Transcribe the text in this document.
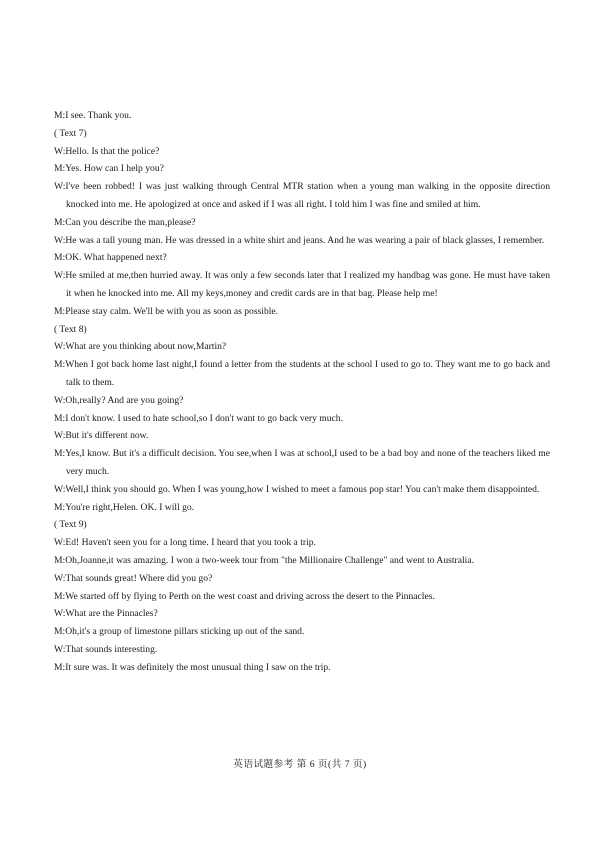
M:I see. Thank you.
( Text 7)
W:Hello. Is that the police?
M:Yes. How can I help you?
W:I've been robbed! I was just walking through Central MTR station when a young man walking in the opposite direction knocked into me. He apologized at once and asked if I was all right. I told him I was fine and smiled at him.
M:Can you describe the man,please?
W:He was a tall young man. He was dressed in a white shirt and jeans. And he was wearing a pair of black glasses, I remember.
M:OK. What happened next?
W:He smiled at me,then hurried away. It was only a few seconds later that I realized my handbag was gone. He must have taken it when he knocked into me. All my keys,money and credit cards are in that bag. Please help me!
M:Please stay calm. We'll be with you as soon as possible.
( Text 8)
W:What are you thinking about now,Martin?
M:When I got back home last night,I found a letter from the students at the school I used to go to. They want me to go back and talk to them.
W:Oh,really? And are you going?
M:I don't know. I used to hate school,so I don't want to go back very much.
W:But it's different now.
M:Yes,I know. But it's a difficult decision. You see,when I was at school,I used to be a bad boy and none of the teachers liked me very much.
W:Well,I think you should go. When I was young,how I wished to meet a famous pop star! You can't make them disappointed.
M:You're right,Helen. OK. I will go.
( Text 9)
W:Ed! Haven't seen you for a long time. I heard that you took a trip.
M:Oh,Joanne,it was amazing. I won a two-week tour from "the Millionaire Challenge" and went to Australia.
W:That sounds great! Where did you go?
M:We started off by flying to Perth on the west coast and driving across the desert to the Pinnacles.
W:What are the Pinnacles?
M:Oh,it's a group of limestone pillars sticking up out of the sand.
W:That sounds interesting.
M:It sure was. It was definitely the most unusual thing I saw on the trip.
英语试题参考 第 6 页(共 7 页)
